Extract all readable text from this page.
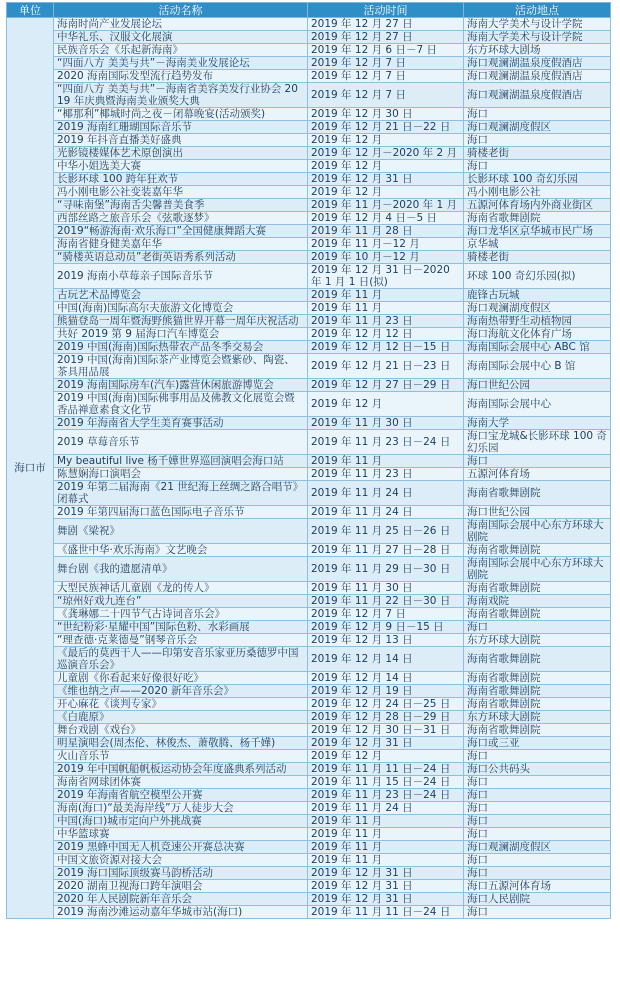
单位	活动名称	活动时间	活动地点
海口市	海南时尚产业发展论坛	2019 年 12 月 27 日	海南大学美术与设计学院
	中华礼乐、汉服文化展演	2019 年 12 月 27 日	海南大学美术与设计学院
	民族音乐会《乐起新海南》	2019 年 12 月 6 日－7 日	东方环球大剧场
	“四面八方 美美与共”－海南美业发展论坛	2019 年 12 月 7 日	海口观澜湖温泉度假酒店
	2020 海南国际发型流行趋势发布	2019 年 12 月 7 日	海口观澜湖温泉度假酒店
	“四面八方 美美与共”－海南省美容美发行业协会 2019 年庆典暨海南美业颁奖大典	2019 年 12 月 7 日	海口观澜湖温泉度假酒店
	“椰那利”椰城时尚之夜－闭幕晚宴(活动颁奖)	2019 年 12 月 30 日	海口
	2019 海南红珊瑚国际音乐节	2019 年 12 月 21 日－22 日	海口观澜湖度假区
	2019 年抖音直播美好盛典	2019 年 12 月	海口
	光影镜楼媒体艺术原创演出	2019 年 12 月－2020 年 2 月	骑楼老街
	中华小姐选美大赛	2019 年 12 月	海口
	长影环球 100 跨年狂欢节	2019 年 12 月 31 日	长影环球 100 奇幻乐园
	冯小刚电影公社变装嘉年华	2019 年 12 月	冯小刚电影公社
	“寻味南堡”海南舌尖馨普美食季	2019 年 11 月－2020 年 1 月	五源河体育场内外商业街区
	西部丝路之旅音乐会《弦歌逐梦》	2019 年 12 月 4 日－5 日	海南省歌舞剧院
	2019“畅游海南·欢乐海口”全国健康舞蹈大赛	2019 年 11 月 28 日	海口龙华区京华城市民广场
	海南省健身健美嘉年华	2019 年 11 月－12 月	京华城
	“骑楼英语总动员”老街英语秀系列活动	2019 年 10 月－12 月	骑楼老街
	2019 海南小草莓亲子国际音乐节	2019 年 12 月 31 日－2020 年 1 月 1 日(拟)	环球 100 奇幻乐园(拟)
	古玩艺术品博览会	2019 年 11 月	鹿锋古玩城
	中国(海南)国际高尔夫旅游文化博览会	2019 年 11 月	海口观澜湖度假区
	熊猫登岛一周年暨海野熊猫世界开幕一周年庆祝活动	2019 年 11 月 23 日	海南热带野生动植物园
	共好 2019 第 9 届海口汽车博览会	2019 年 12 月 12 日	海口海航文化体育广场
	2019 中国(海南)国际热带农产品冬季交易会	2019 年 12 月 12 日－15 日	海南国际会展中心 ABC 馆
	2019 中国(海南)国际茶产业博览会暨紫砂、陶瓷、茶具用品展	2019 年 12 月 21 日－23 日	海南国际会展中心 B 馆
	2019 海南国际房车(汽车)露营休闲旅游博览会	2019 年 12 月 27 日－29 日	海口世纪公园
	2019 中国(海南)国际佛事用品及佛教文化展览会暨香品禅意素食文化节	2019 年 12 月	海南国际会展中心
	2019 年海南省大学生美育赛事活动	2019 年 11 月 30 日	海南大学
	2019 草莓音乐节	2019 年 11 月 23 日－24 日	海口宝龙城&长影环球 100 奇幻乐园
	My beautiful live 杨千嬅世界巡回演唱会海口站	2019 年 11 月	海口
	陈慧娴海口演唱会	2019 年 11 月 23 日	五源河体育场
	2019 年第二届海南《21 世纪海上丝绸之路合唱节》闭幕式	2019 年 11 月 24 日	海南省歌舞剧院
	2019 年第四届海口蓝色国际电子音乐节	2019 年 11 月 24 日	海口世纪公园
	舞剧《梁祝》	2019 年 11 月 25 日－26 日	海南国际会展中心东方环球大剧院
	《盛世中华·欢乐海南》文艺晚会	2019 年 11 月 27 日－28 日	海南省歌舞剧院
	舞台剧《我的遗愿清单》	2019 年 11 月 29 日－30 日	海南国际会展中心东方环球大剧院
	大型民族神话儿童剧《龙的传人》	2019 年 11 月 30 日	海南省歌舞剧院
	“琼州好戏九连台”	2019 年 11 月 22 日－30 日	海南戏院
	《龚琳娜二十四节气古诗词音乐会》	2019 年 12 月 7 日	海南省歌舞剧院
	“世纪粉彩·星耀中国”国际色粉、水彩画展	2019 年 12 月 9 日－15 日	海口
	“理查德·克莱德曼”钢琴音乐会	2019 年 12 月 13 日	东方环球大剧院
	《最后的莫西干人——印第安音乐家亚历桑德罗中国巡演音乐会》	2019 年 12 月 14 日	海南省歌舞剧院
	儿童剧《你看起来好像很好吃》	2019 年 12 月 14 日	海南省歌舞剧院
	《维也纳之声——2020 新年音乐会》	2019 年 12 月 19 日	海南省歌舞剧院
	开心麻花《谈判专家》	2019 年 12 月 24 日－25 日	海南省歌舞剧院
	《白鹿原》	2019 年 12 月 28 日－29 日	东方环球大剧院
	舞台戏剧《戏台》	2019 年 12 月 30 日－31 日	海南省歌舞剧院
	明星演唱会(周杰伦、林俊杰、萧敬腾、杨千嬅)	2019 年 12 月 31 日	海口或三亚
	火山音乐节	2019 年 12 月	海口
	2019 年中国帆船帆板运动协会年度盛典系列活动	2019 年 11 月 11 日－24 日	海口公共码头
	海南省网球团体赛	2019 年 11 月 15 日－24 日	海口
	2019 年海南省航空模型公开赛	2019 年 11 月 23 日－24 日	海口
	海南(海口)“最美海岸线”万人徒步大会	2019 年 11 月 24 日	海口
	中国(海口)城市定向户外挑战赛	2019 年 11 月	海口
	中华篮球赛	2019 年 11 月	海口
	2019 黑蜂中国无人机竞速公开赛总决赛	2019 年 11 月	海口观澜湖度假区
	中国文旅资源对接大会	2019 年 11 月	海口
	2019 海口国际顶级赛马韵桥活动	2019 年 12 月 31 日	海口
	2020 湖南卫视海口跨年演唱会	2019 年 12 月 31 日	海口五源河体育场
	2020 年人民剧院新年音乐会	2019 年 12 月 31 日	海口人民剧院
	2019 海南沙滩运动嘉年华城市站(海口)	2019 年 11 月 11 日－24 日	海口
